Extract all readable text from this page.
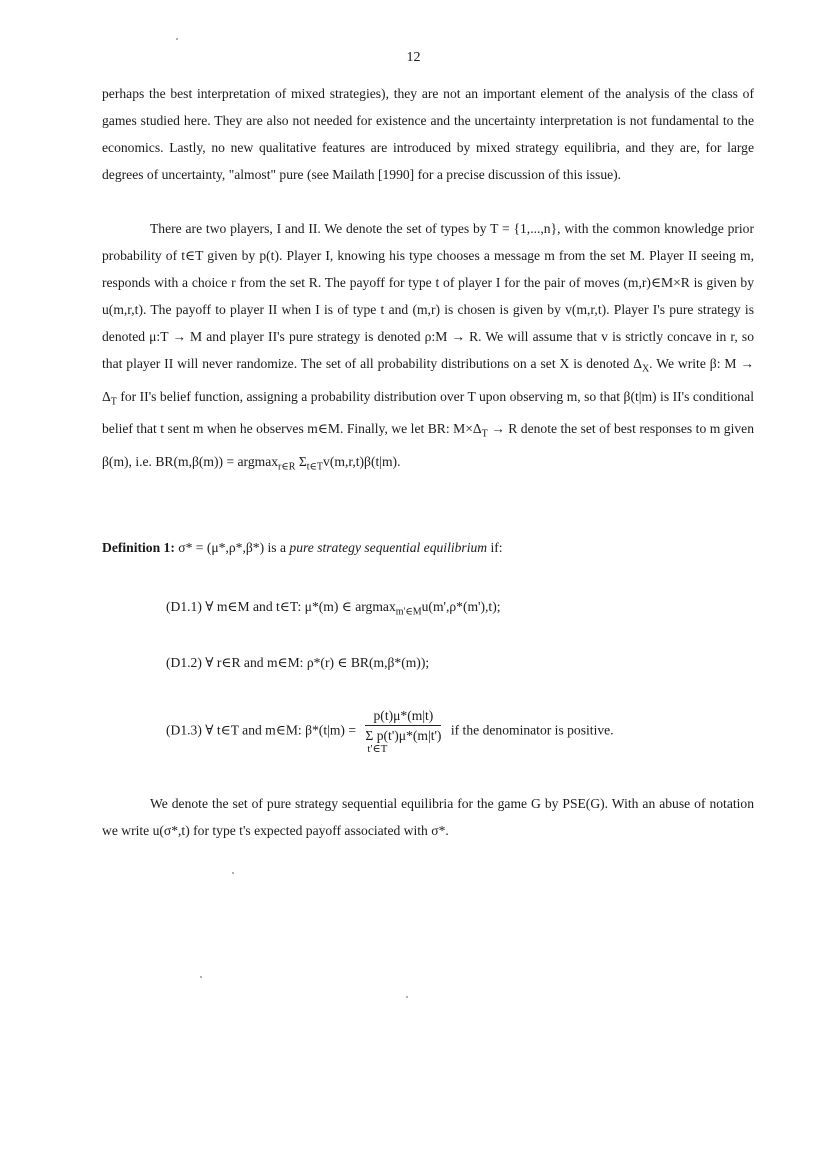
12
perhaps the best interpretation of mixed strategies), they are not an important element of the analysis of the class of games studied here. They are also not needed for existence and the uncertainty interpretation is not fundamental to the economics. Lastly, no new qualitative features are introduced by mixed strategy equilibria, and they are, for large degrees of uncertainty, "almost" pure (see Mailath [1990] for a precise discussion of this issue).
There are two players, I and II. We denote the set of types by T = {1,...,n}, with the common knowledge prior probability of t∈T given by p(t). Player I, knowing his type chooses a message m from the set M. Player II seeing m, responds with a choice r from the set R. The payoff for type t of player I for the pair of moves (m,r)∈M×R is given by u(m,r,t). The payoff to player II when I is of type t and (m,r) is chosen is given by v(m,r,t). Player I's pure strategy is denoted μ:T → M and player II's pure strategy is denoted ρ:M → R. We will assume that v is strictly concave in r, so that player II will never randomize. The set of all probability distributions on a set X is denoted $\Delta_X$. We write β: $M \to \Delta_T$ for II's belief function, assigning a probability distribution over T upon observing m, so that β(t|m) is II's conditional belief that t sent m when he observes m∈M. Finally, we let BR: $M\times\Delta_T \to R$ denote the set of best responses to m given β(m), i.e. BR(m,β(m)) = argmax$_{r\in R}$ $\Sigma_{t\in T}v(m,r,t)\beta(t|m)$.
Definition 1: σ* = (μ*,ρ*,β*) is a pure strategy sequential equilibrium if:
(D1.1) ∀ m∈M and t∈T: μ*(m) ∈ argmax$_{m'\in M}$u(m',ρ*(m'),t);
(D1.2) ∀ r∈R and m∈M: ρ*(r) ∈ BR(m,β*(m));
(D1.3) ∀ t∈T and m∈M: β*(t|m) =
p(t)μ*(m|t)
Σ p(t')μ*(m|t')
t'∈T
if the denominator is positive.
We denote the set of pure strategy sequential equilibria for the game G by PSE(G). With an abuse of notation we write u(σ*,t) for type t's expected payoff associated with σ*.
